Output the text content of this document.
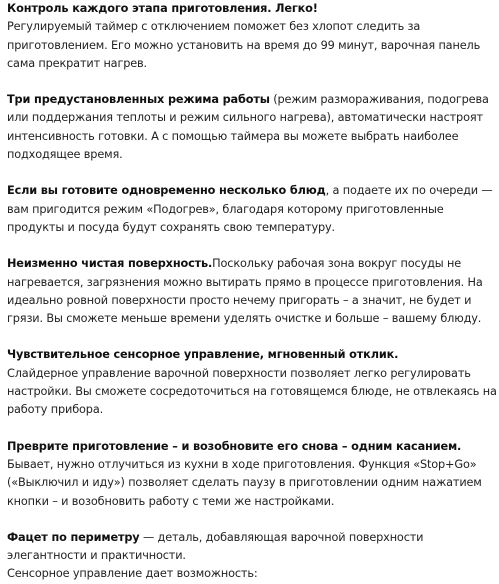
Контроль каждого этапа приготовления. Легко!
Регулируемый таймер с отключением поможет без хлопот следить за приготовлением. Его можно установить на время до 99 минут, варочная панель сама прекратит нагрев.

Три предустановленных режима работы (режим размораживания, подогрева или поддержания теплоты и режим сильного нагрева), автоматически настроят интенсивность готовки. А с помощью таймера вы можете выбрать наиболее подходящее время.

Если вы готовите одновременно несколько блюд, а подаете их по очереди — вам пригодится режим «Подогрев», благодаря которому приготовленные продукты и посуда будут сохранять свою температуру.

Неизменно чистая поверхность.Поскольку рабочая зона вокруг посуды не нагревается, загрязнения можно вытирать прямо в процессе приготовления. На идеально ровной поверхности просто нечему пригорать – а значит, не будет и грязи. Вы сможете меньше времени уделять очистке и больше – вашему блюду.

Чувствительное сенсорное управление, мгновенный отклик.
Слайдерное управление варочной поверхности позволяет легко регулировать настройки. Вы сможете сосредоточиться на готовящемся блюде, не отвлекаясь на работу прибора.

Преврите приготовление – и возобновите его снова – одним касанием.
Бывает, нужно отлучиться из кухни в ходе приготовления. Функция «Stop+Go» («Выключил и иду») позволяет сделать паузу в приготовлении одним нажатием кнопки – и возобновить работу с теми же настройками.

Фацет по периметру — деталь, добавляющая варочной поверхности элегантности и практичности.

Сенсорное управление дает возможность:
